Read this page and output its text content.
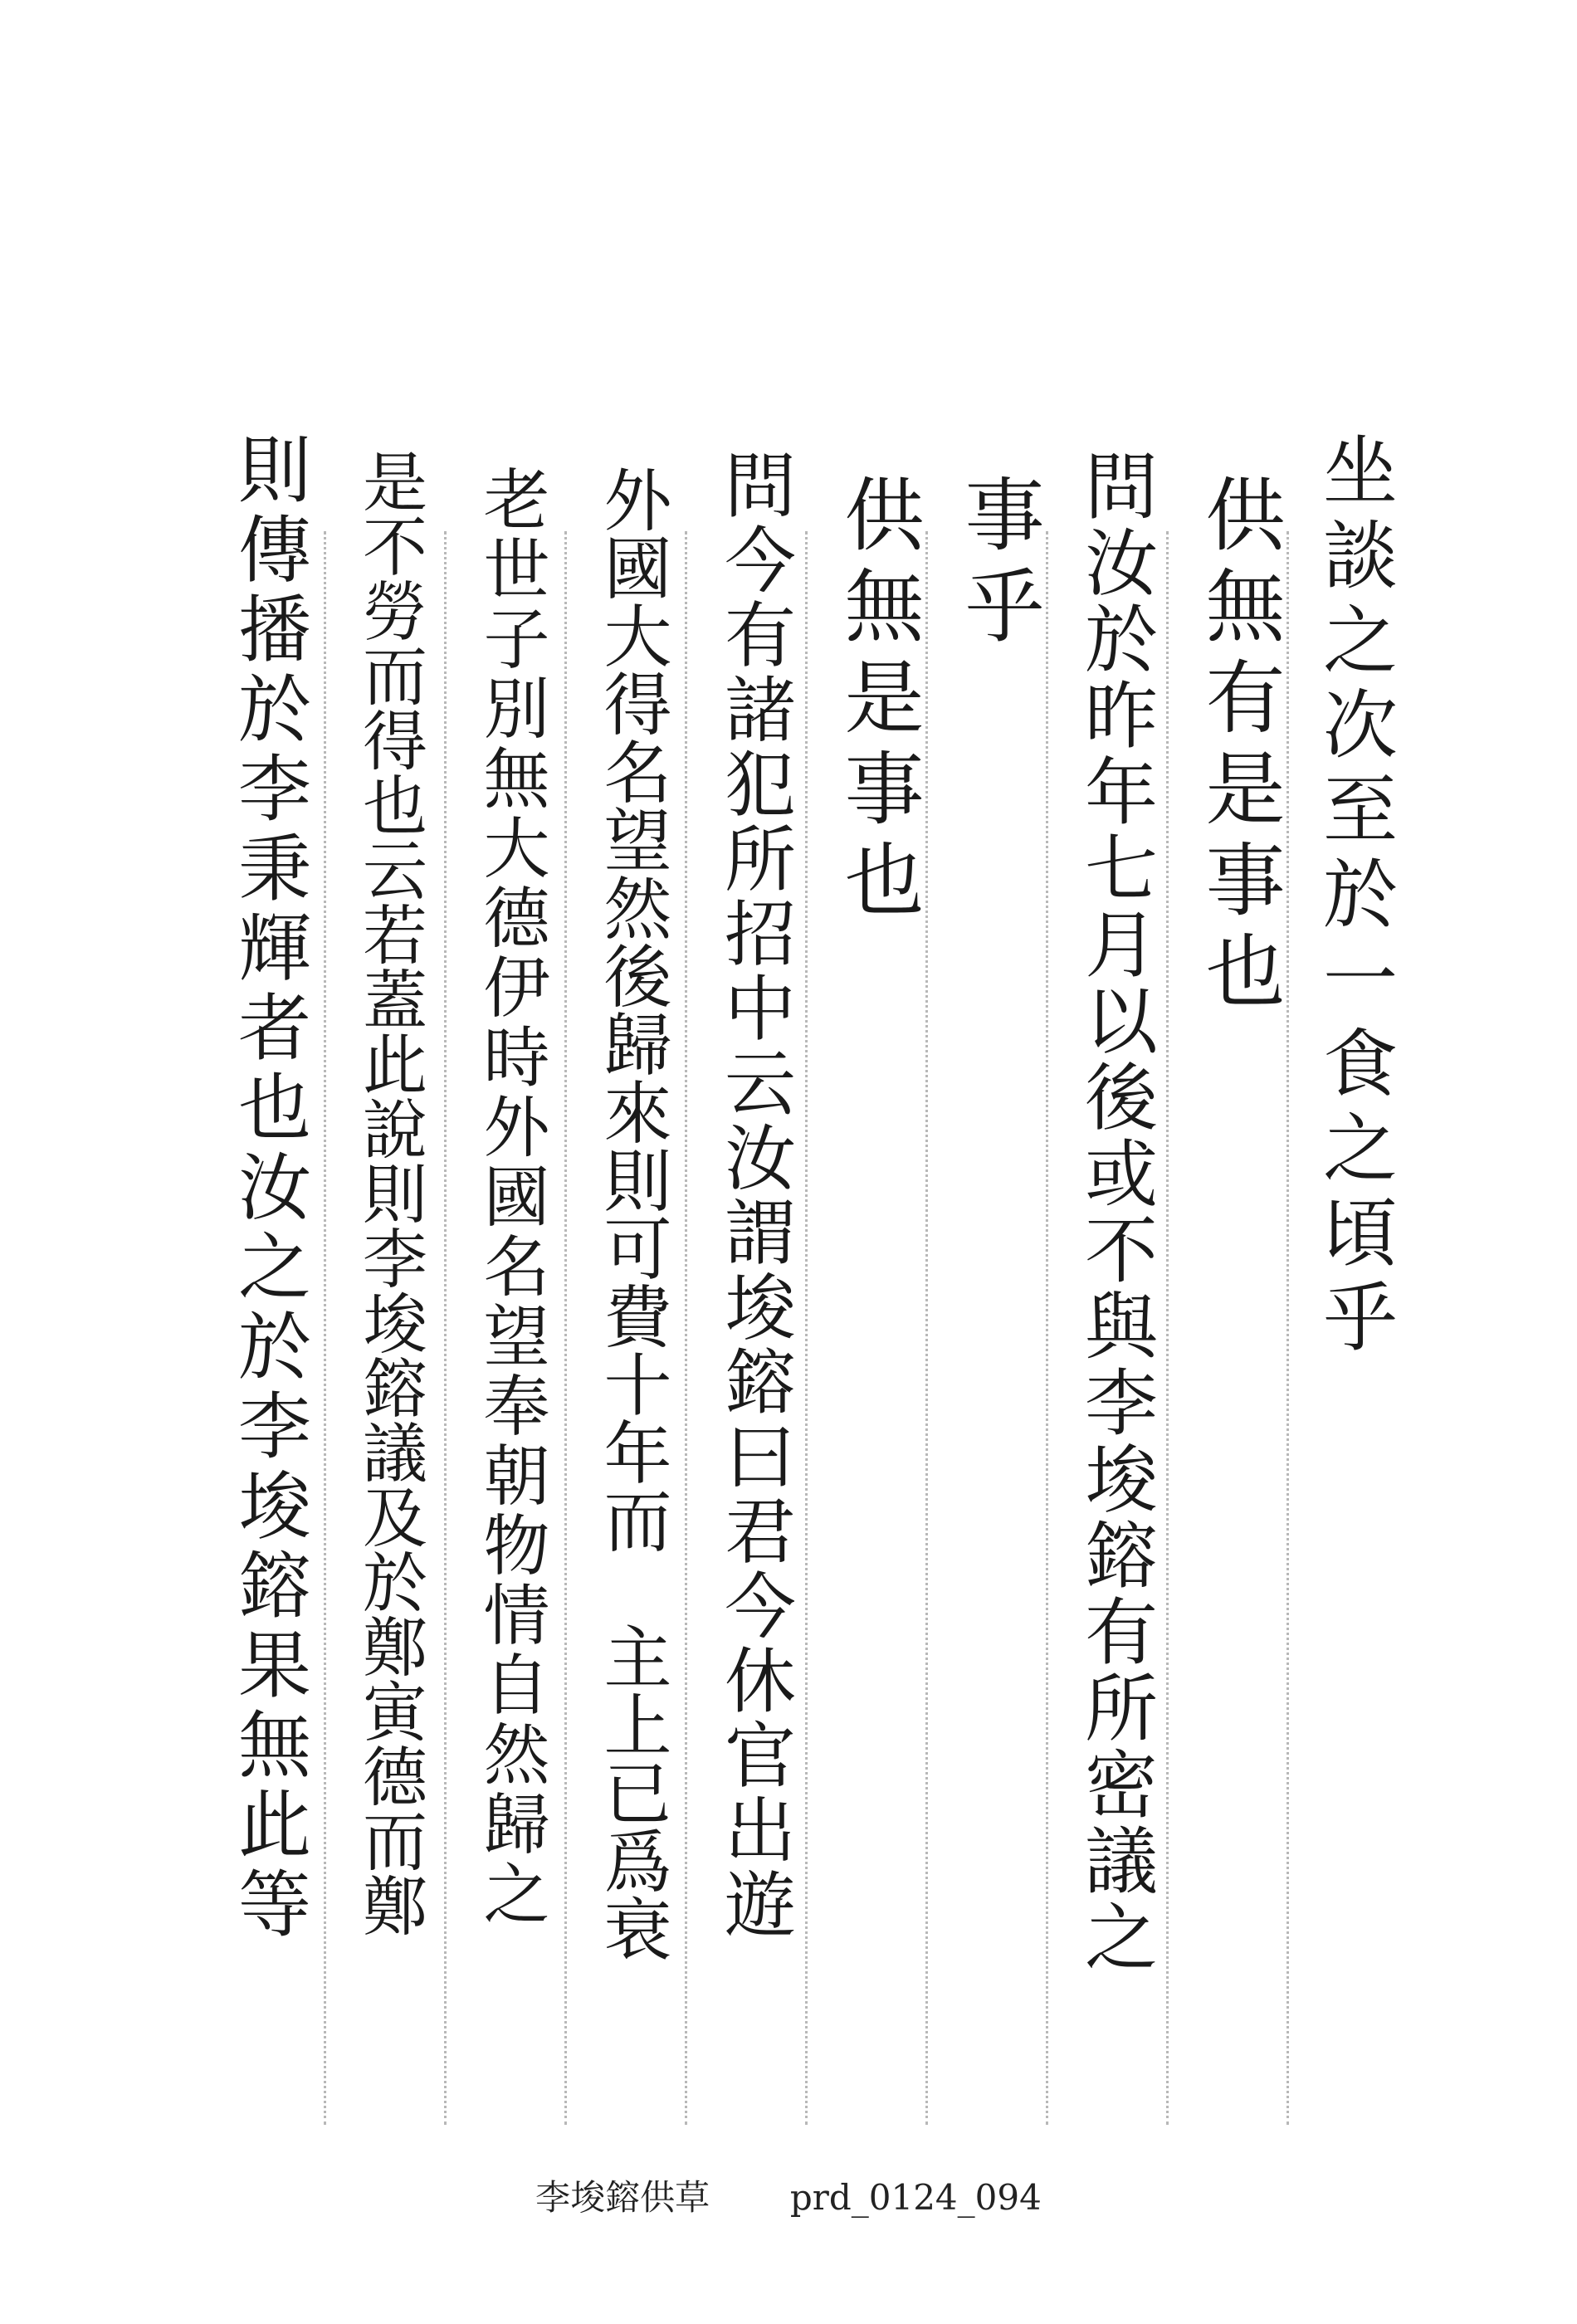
坐談之次至於一食之頃乎
供無有是事也
問汝於昨年七月以後或不與李埈鎔有所密議之
事乎
供無是事也
問今有諸犯所招中云汝謂埈鎔曰君今休官出遊
外國大得名望然後歸來則可費十年而　主上已爲衰
老世子別無大德伊時外國名望奉朝物情自然歸之
是不勞而得也云若蓋此說則李埈鎔議及於鄭寅德而鄭
則傳播於李秉輝者也汝之於李埈鎔果無此等
李埈鎔供草 prd_0124_094
